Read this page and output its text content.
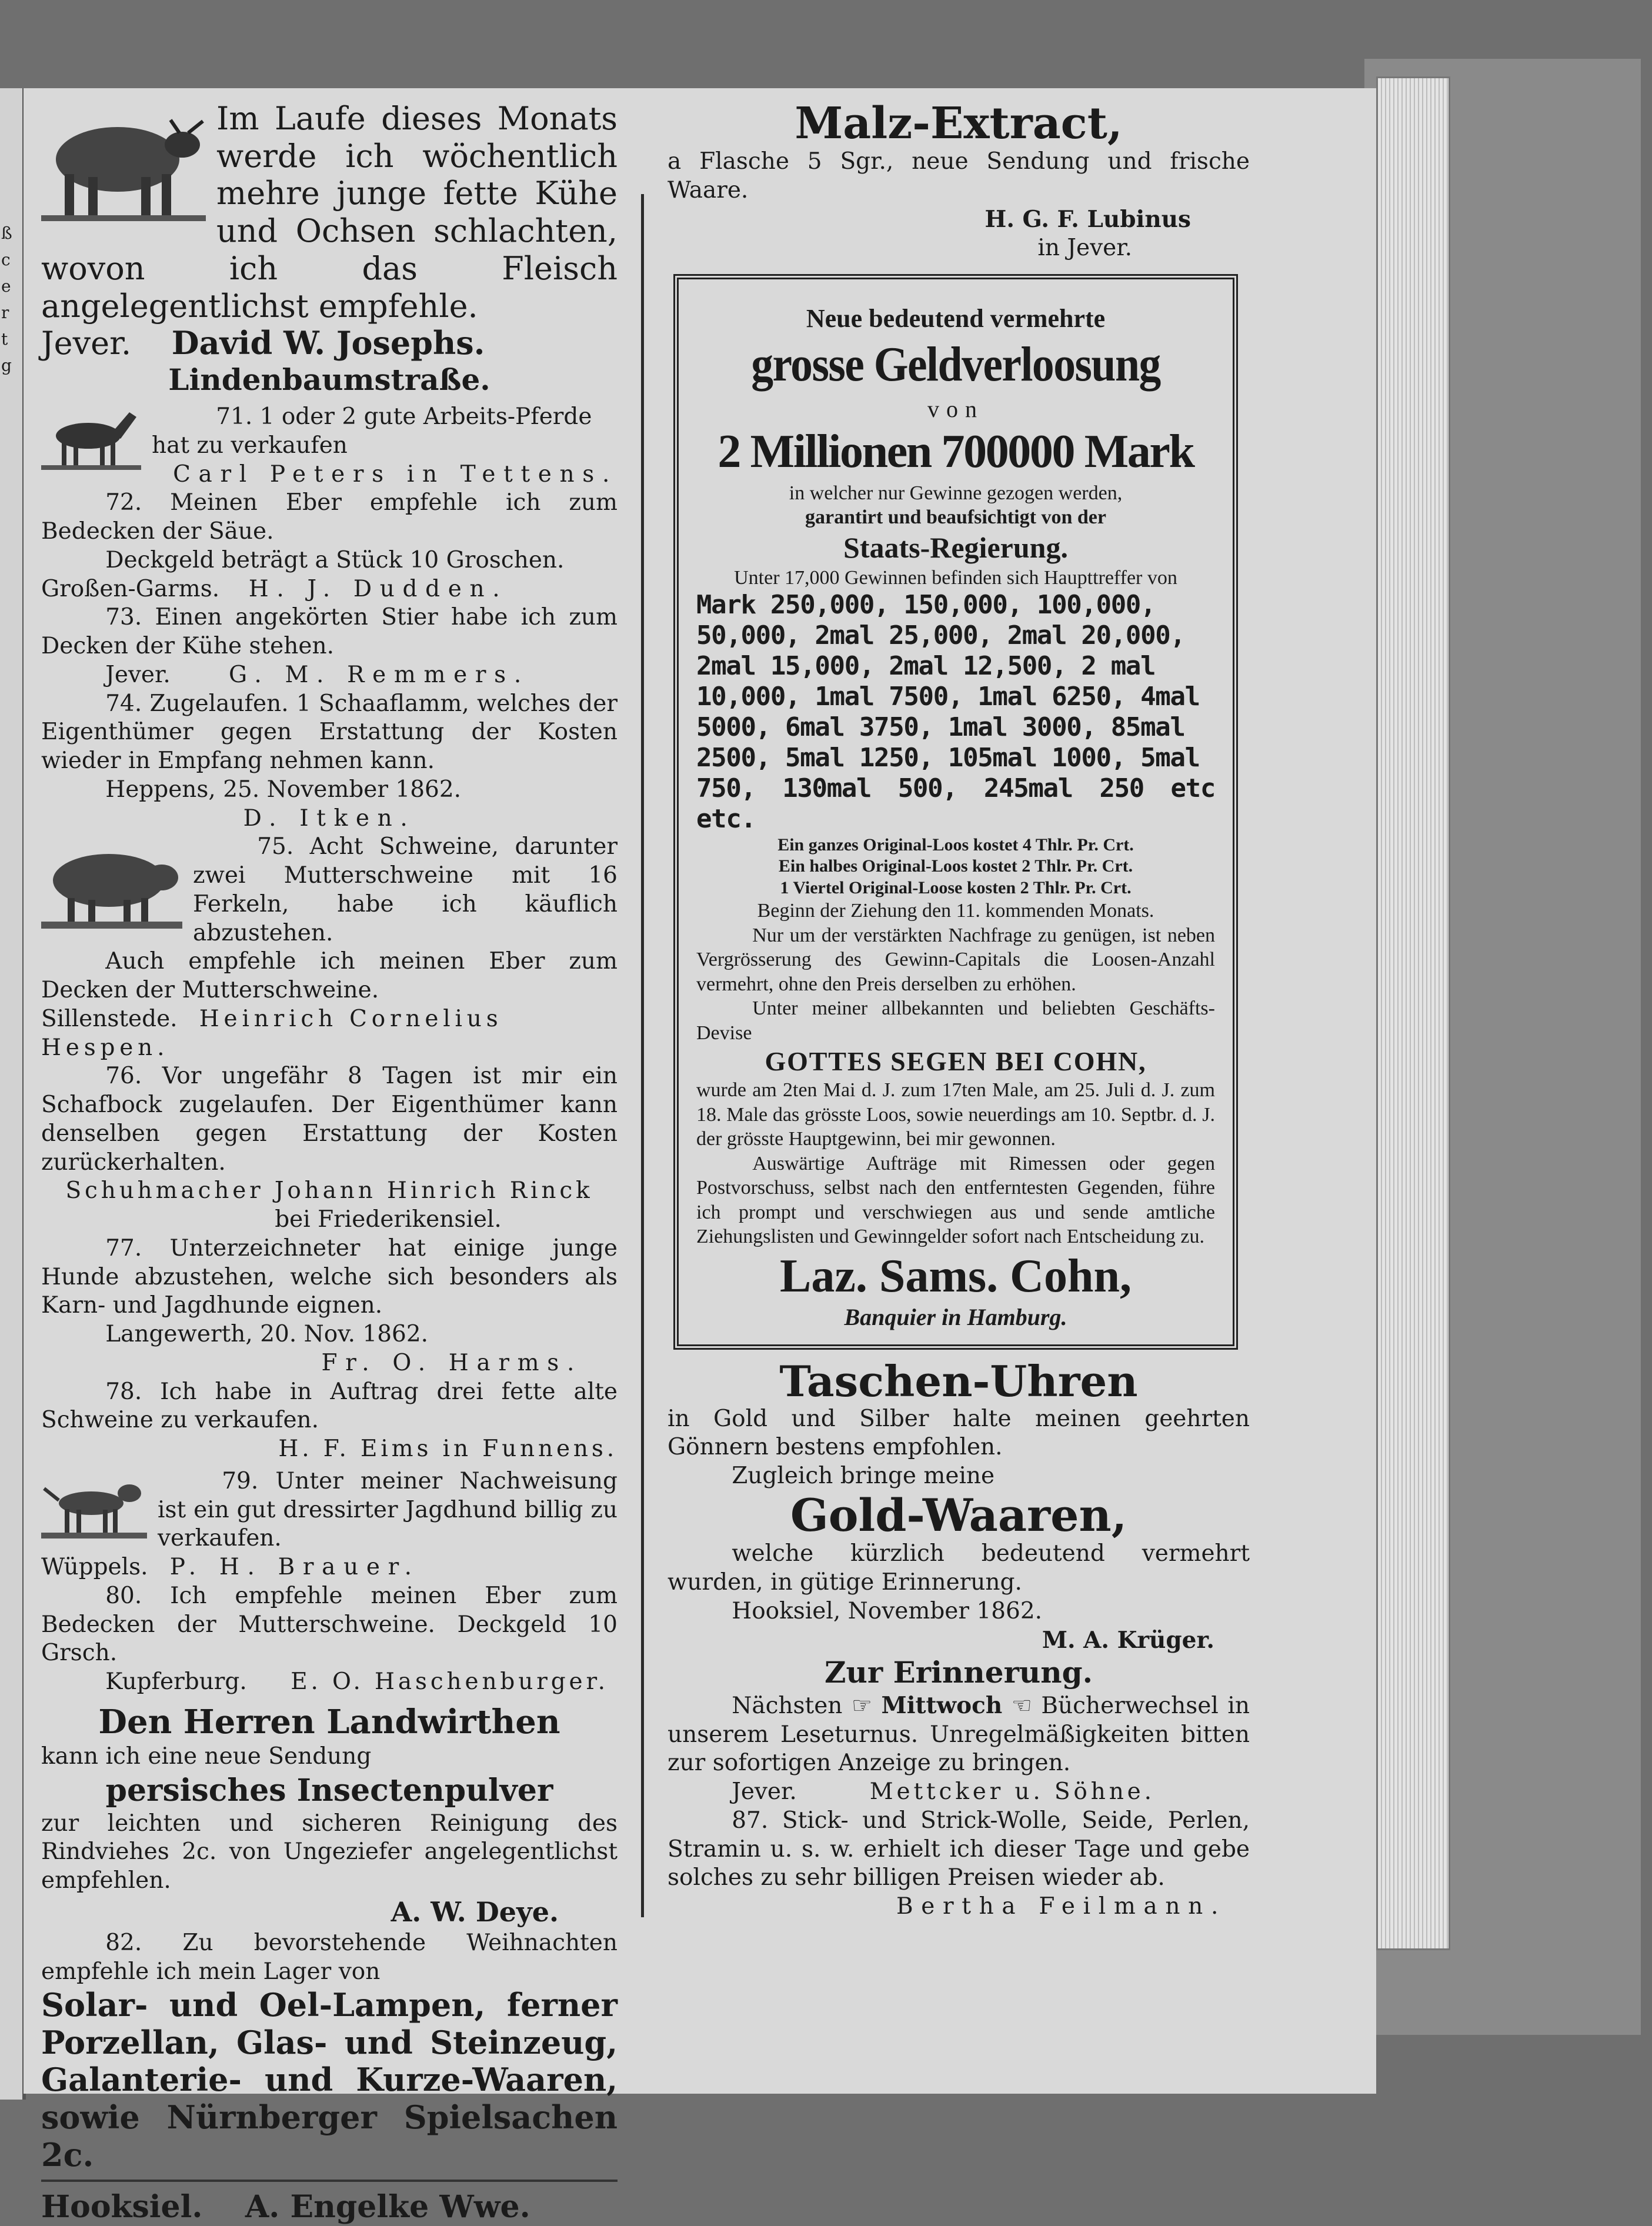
ß
c
e
r
t
g

Im Laufe dieses Monats werde ich wöchentlich mehre junge fette Kühe und Ochsen schlachten, wovon ich das Fleisch angelegentlichst empfehle.

Jever. David W. Josephs.

Lindenbaumstraße.

71. 1 oder 2 gute Arbeits-Pferde hat zu verkaufen

Carl Peters in Tettens.

72. Meinen Eber empfehle ich zum Bedecken der Säue.

Deckgeld beträgt a Stück 10 Groschen.

Großen-Garms. H. J. Dudden.

73. Einen angekörten Stier habe ich zum Decken der Kühe stehen.

Jever.	G. M. Remmers.

74. Zugelaufen. 1 Schaaflamm, welches der Eigenthümer gegen Erstattung der Kosten wieder in Empfang nehmen kann.

Heppens, 25. November 1862.

D. Itken.

75. Acht Schweine, darunter zwei Mutterschweine mit 16 Ferkeln, habe ich käuflich abzustehen.

Auch empfehle ich meinen Eber zum Decken der Mutterschweine.

Sillenstede. Heinrich Cornelius Hespen.

76. Vor ungefähr 8 Tagen ist mir ein Schafbock zugelaufen. Der Eigenthümer kann denselben gegen Erstattung der Kosten zurückerhalten.

Schuhmacher Johann Hinrich Rinck

bei Friederikensiel.

77. Unterzeichneter hat einige junge Hunde abzustehen, welche sich besonders als Karn- und Jagdhunde eignen.

Langewerth, 20. Nov. 1862.

Fr. O. Harms.

78. Ich habe in Auftrag drei fette alte Schweine zu verkaufen.

H. F. Eims in Funnens.

79. Unter meiner Nachweisung ist ein gut dressirter Jagdhund billig zu verkaufen.

Wüppels. P. H. Brauer.

80. Ich empfehle meinen Eber zum Bedecken der Mutterschweine. Deckgeld 10 Grsch.

Kupferburg. E. O. Haschenburger.

Den Herren Landwirthen

kann ich eine neue Sendung

persisches Insectenpulver

zur leichten und sicheren Reinigung des Rindviehes 2c. von Ungeziefer angelegentlichst empfehlen.

A. W. Deye.

82. Zu bevorstehende Weihnachten empfehle ich mein Lager von

Solar- und Oel-Lampen, ferner Porzellan, Glas- und Steinzeug, Galanterie- und Kurze-Waaren, sowie Nürnberger Spielsachen 2c.

Hooksiel. A. Engelke Wwe.

Malz-Extract,

a Flasche 5 Sgr., neue Sendung und frische Waare.

H. G. F. Lubinus

in Jever.

Neue bedeutend vermehrte

grosse Geldverloosung

von

2 Millionen 700000 Mark

in welcher nur Gewinne gezogen werden,

garantirt und beaufsichtigt von der

Staats-Regierung.

Unter 17,000 Gewinnen befinden sich Haupttreffer von

Mark 250,000, 150,000, 100,000,

50,000, 2mal 25,000, 2mal 20,000,

2mal 15,000, 2mal 12,500, 2 mal

10,000, 1mal 7500, 1mal 6250, 4mal

5000, 6mal 3750, 1mal 3000, 85mal

2500, 5mal 1250, 105mal 1000, 5mal

750, 130mal 500, 245mal 250 etc etc.

Ein ganzes Original-Loos kostet 4 Thlr. Pr. Crt.

Ein halbes Original-Loos kostet 2 Thlr. Pr. Crt.

1 Viertel Original-Loose kosten 2 Thlr. Pr. Crt.

Beginn der Ziehung den 11. kommenden Monats.

Nur um der verstärkten Nachfrage zu genügen, ist neben Vergrösserung des Gewinn-Capitals die Loosen-Anzahl vermehrt, ohne den Preis derselben zu erhöhen.

Unter meiner allbekannten und beliebten Geschäfts-Devise

GOTTES SEGEN BEI COHN,

wurde am 2ten Mai d. J. zum 17ten Male, am 25. Juli d. J. zum 18. Male das grösste Loos, sowie neuerdings am 10. Septbr. d. J. der grösste Hauptgewinn, bei mir gewonnen.

Auswärtige Aufträge mit Rimessen oder gegen Postvorschuss, selbst nach den entferntesten Gegenden, führe ich prompt und verschwiegen aus und sende amtliche Ziehungslisten und Gewinngelder sofort nach Entscheidung zu.

Laz. Sams. Cohn,

Banquier in Hamburg.

Taschen-Uhren

in Gold und Silber halte meinen geehrten Gönnern bestens empfohlen.

Zugleich bringe meine

Gold-Waaren,

welche kürzlich bedeutend vermehrt wurden, in gütige Erinnerung.

Hooksiel, November 1862.

M. A. Krüger.

Zur Erinnerung.

Nächsten ☞ Mittwoch ☜ Bücherwechsel in unserem Leseturnus. Unregelmäßigkeiten bitten zur sofortigen Anzeige zu bringen.

Jever.	Mettcker u. Söhne.

87. Stick- und Strick-Wolle, Seide, Perlen, Stramin u. s. w. erhielt ich dieser Tage und gebe solches zu sehr billigen Preisen wieder ab.

Bertha Feilmann.
